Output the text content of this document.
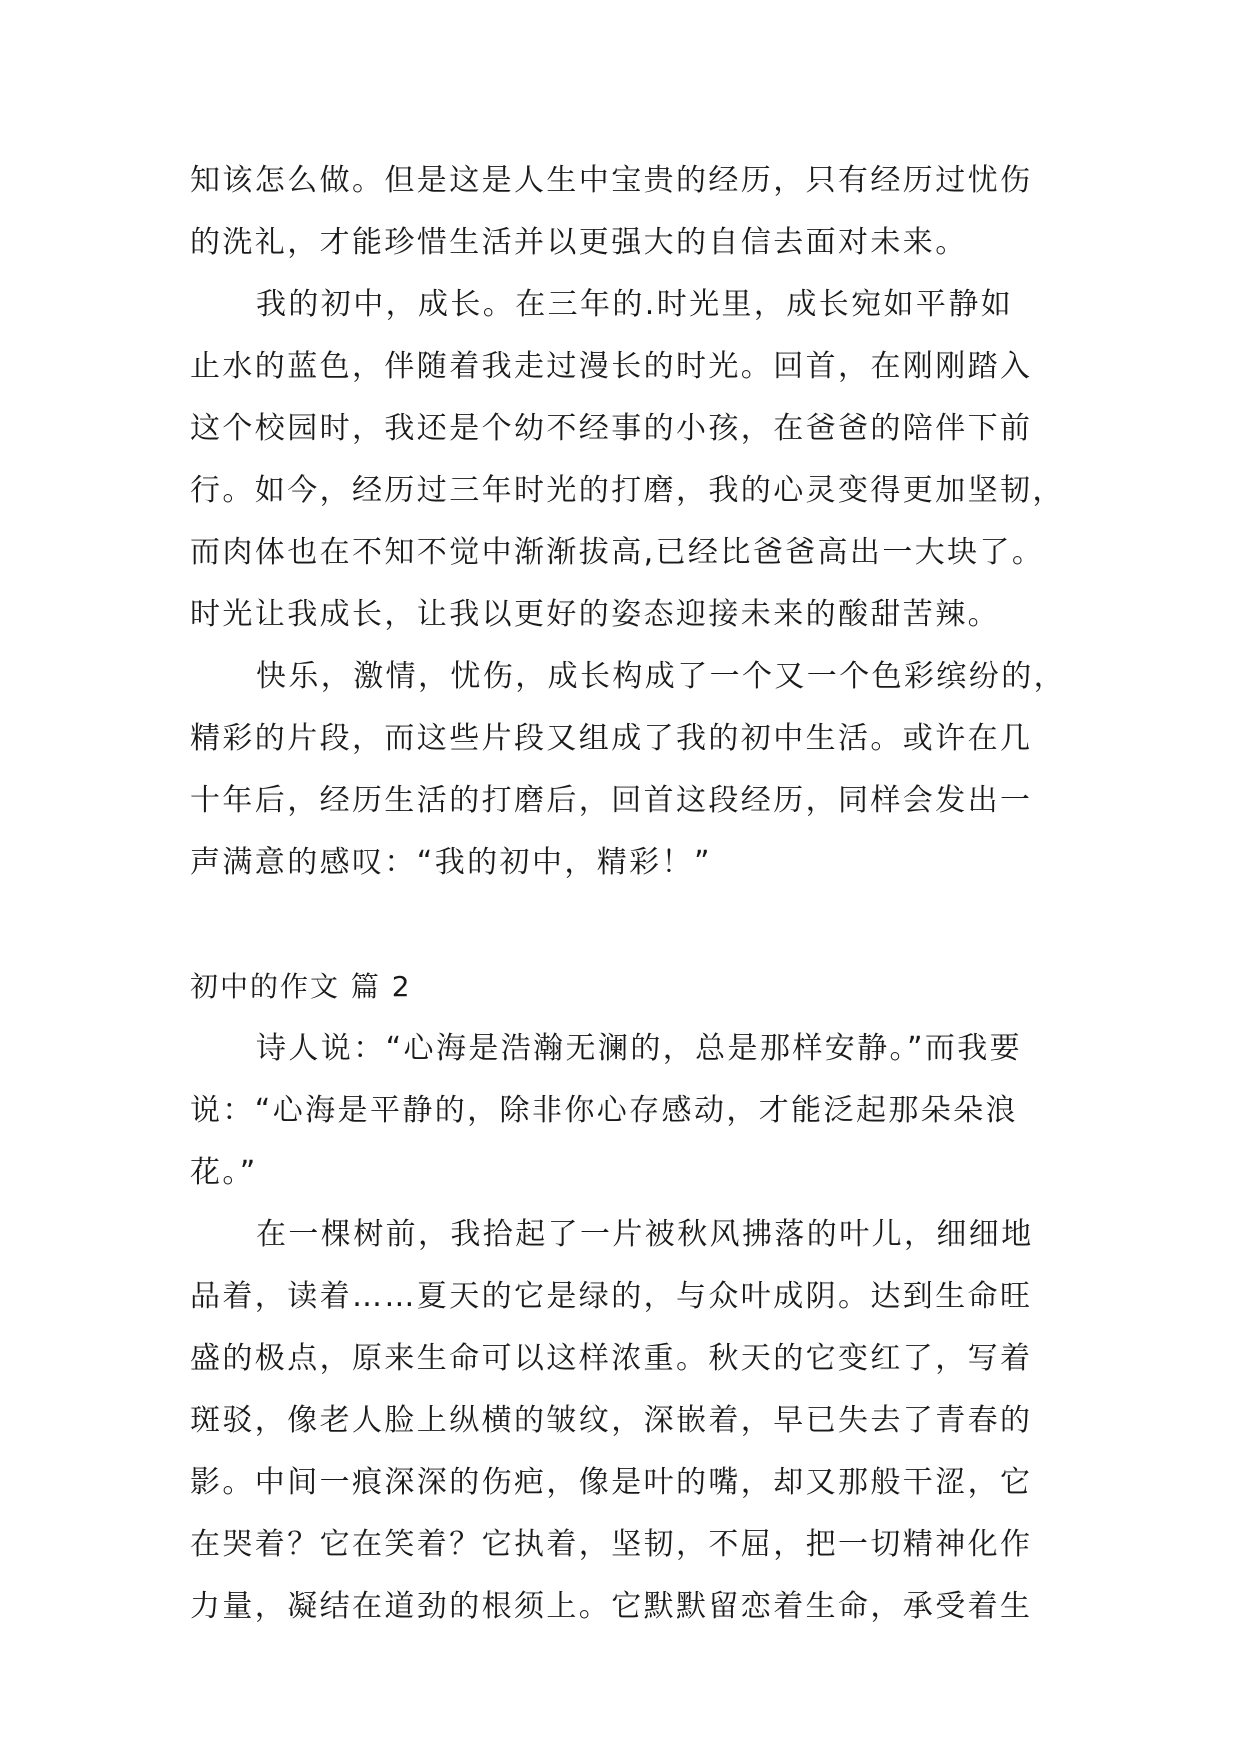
知该怎么做。但是这是人生中宝贵的经历，只有经历过忧伤
的洗礼，才能珍惜生活并以更强大的自信去面对未来。
我的初中，成长。在三年的.时光里，成长宛如平静如
止水的蓝色，伴随着我走过漫长的时光。回首，在刚刚踏入
这个校园时，我还是个幼不经事的小孩，在爸爸的陪伴下前
行。如今，经历过三年时光的打磨，我的心灵变得更加坚韧，
而肉体也在不知不觉中渐渐拔高,已经比爸爸高出一大块了。
时光让我成长，让我以更好的姿态迎接未来的酸甜苦辣。
快乐，激情，忧伤，成长构成了一个又一个色彩缤纷的，
精彩的片段，而这些片段又组成了我的初中生活。或许在几
十年后，经历生活的打磨后，回首这段经历，同样会发出一
声满意的感叹：“我的初中，精彩！”
初中的作文 篇 2
诗人说：“心海是浩瀚无澜的，总是那样安静。”而我要
说：“心海是平静的，除非你心存感动，才能泛起那朵朵浪
花。”
在一棵树前，我拾起了一片被秋风拂落的叶儿，细细地
品着，读着……夏天的它是绿的，与众叶成阴。达到生命旺
盛的极点，原来生命可以这样浓重。秋天的它变红了，写着
斑驳，像老人脸上纵横的皱纹，深嵌着，早已失去了青春的
影。中间一痕深深的伤疤，像是叶的嘴，却又那般干涩，它
在哭着？它在笑着？它执着，坚韧，不屈，把一切精神化作
力量，凝结在道劲的根须上。它默默留恋着生命，承受着生
